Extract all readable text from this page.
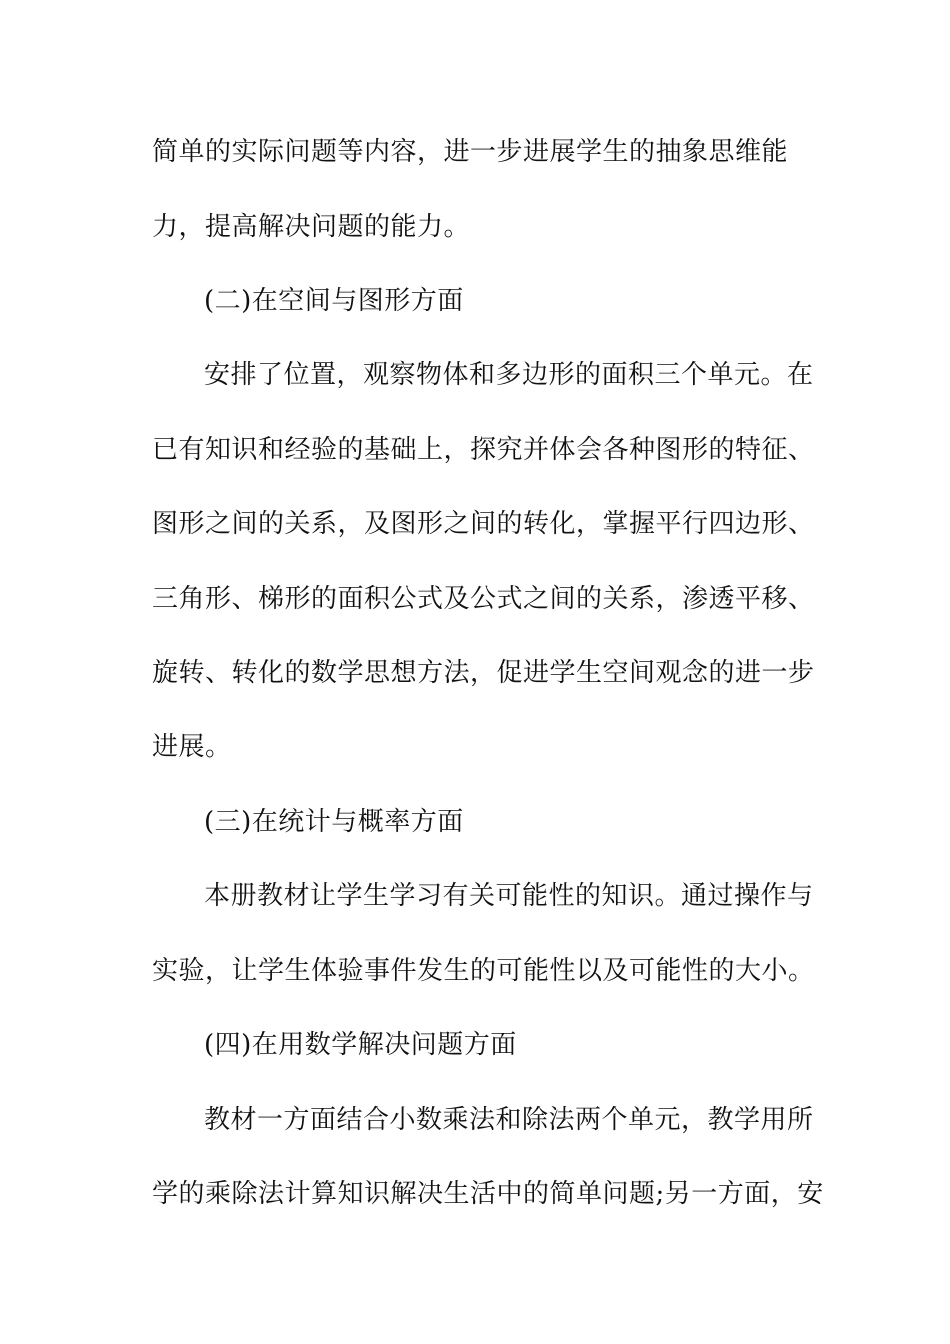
简单的实际问题等内容，进一步进展学生的抽象思维能
力，提高解决问题的能力。
(二)在空间与图形方面
安排了位置，观察物体和多边形的面积三个单元。在
已有知识和经验的基础上，探究并体会各种图形的特征、
图形之间的关系，及图形之间的转化，掌握平行四边形、
三角形、梯形的面积公式及公式之间的关系，渗透平移、
旋转、转化的数学思想方法，促进学生空间观念的进一步
进展。
(三)在统计与概率方面
本册教材让学生学习有关可能性的知识。通过操作与
实验，让学生体验事件发生的可能性以及可能性的大小。
(四)在用数学解决问题方面
教材一方面结合小数乘法和除法两个单元，教学用所
学的乘除法计算知识解决生活中的简单问题;另一方面，安
